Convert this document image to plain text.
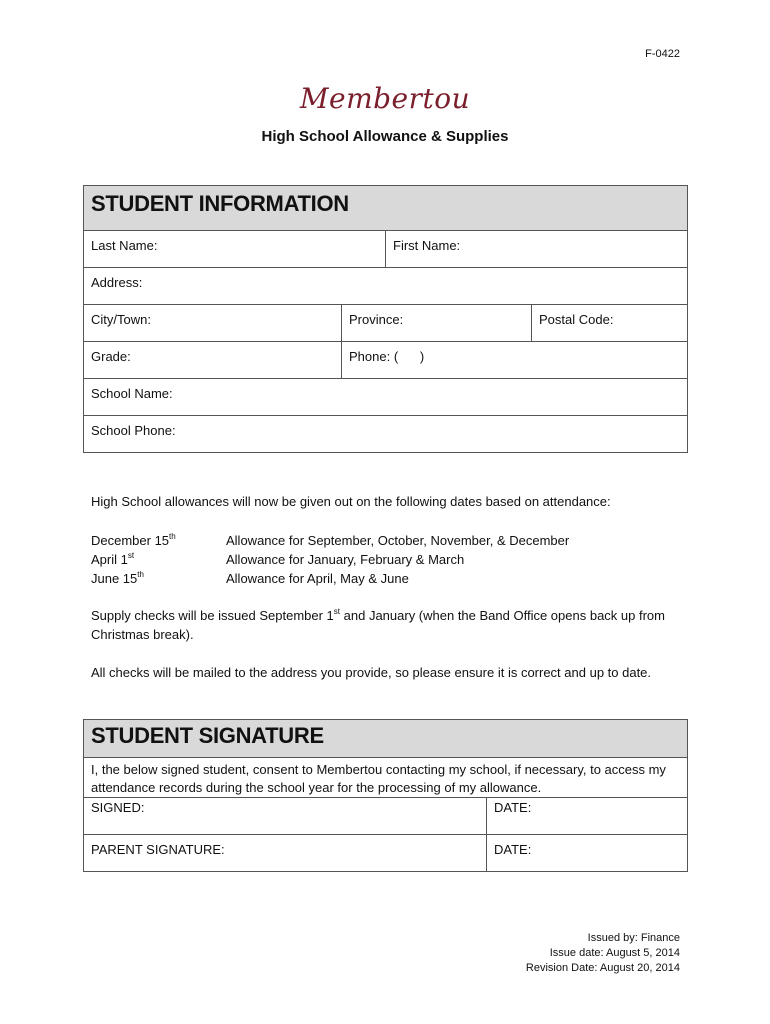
F-0422
Membertou
High School Allowance & Supplies
STUDENT INFORMATION			
Last Name:		First Name:	
Address:			
City/Town:	Province:		Postal Code:
Grade:	Phone: (      )		
School Name:			
School Phone:			
High School allowances will now be given out on the following dates based on attendance:
December 15th	Allowance for September, October, November, & December
April 1st	Allowance for January, February & March
June 15th	Allowance for April, May & June
Supply checks will be issued September 1st and January (when the Band Office opens back up from Christmas break).
All checks will be mailed to the address you provide, so please ensure it is correct and up to date.
STUDENT SIGNATURE	
I, the below signed student, consent to Membertou contacting my school, if necessary, to access my attendance records during the school year for the processing of my allowance.	
SIGNED:	DATE:
PARENT SIGNATURE:	DATE:
Issued by: Finance
Issue date: August 5, 2014
Revision Date: August 20, 2014
